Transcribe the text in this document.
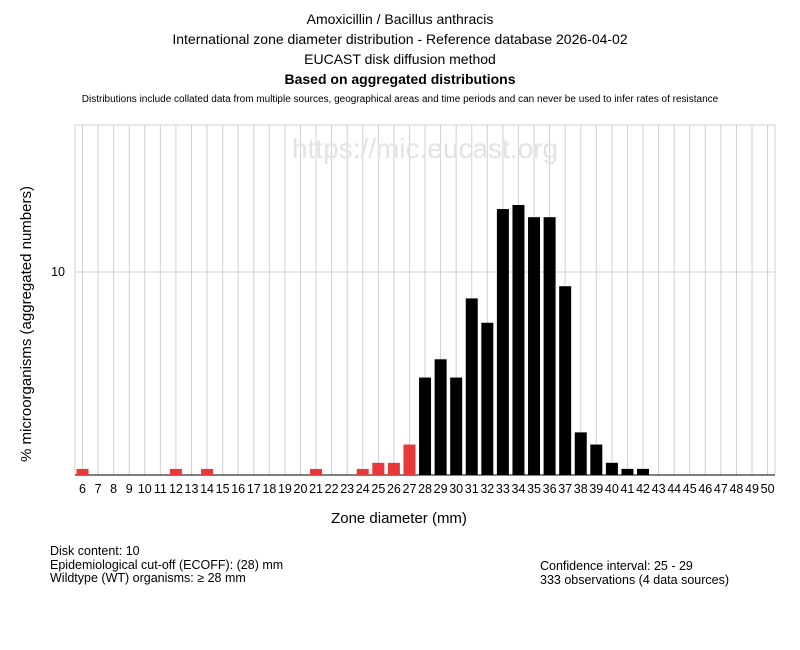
Amoxicillin / Bacillus anthracis
International zone diameter distribution - Reference database 2026-04-02
EUCAST disk diffusion method
Based on aggregated distributions
Distributions include collated data from multiple sources, geographical areas and time periods and can never be used to infer rates of resistance
https://mic.eucast.org
6 7 8 9 10 11 12 13 14 15 16 17 18 19 20 21 22 23 24 25 26 27 28 29 30 31 32 33 34 35 36 37 38 39 40 41 42 43 44 45 46 47 48 49 50
10
Zone diameter (mm)
% microorganisms (aggregated numbers)
Disk content: 10
Epidemiological cut-off (ECOFF): (28) mm
Wildtype (WT) organisms: ≥ 28 mm
Confidence interval: 25 - 29
333 observations (4 data sources)
